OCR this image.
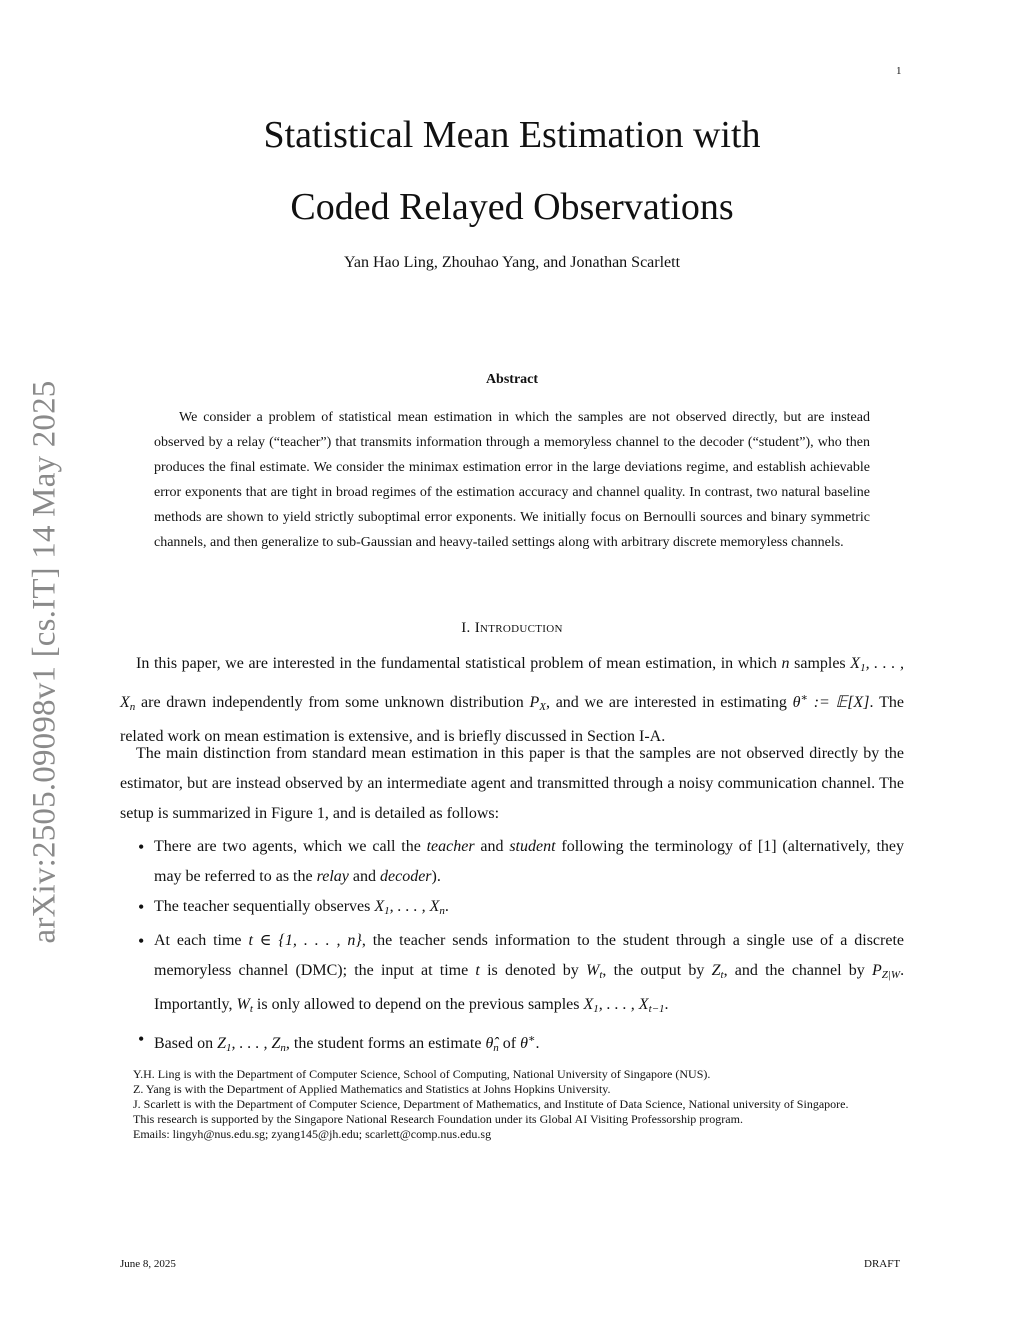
1
arXiv:2505.09098v1 [cs.IT] 14 May 2025
Statistical Mean Estimation with
Coded Relayed Observations
Yan Hao Ling, Zhouhao Yang, and Jonathan Scarlett
Abstract

We consider a problem of statistical mean estimation in which the samples are not observed directly, but are instead observed by a relay (“teacher”) that transmits information through a memoryless channel to the decoder (“student”), who then produces the final estimate. We consider the minimax estimation error in the large deviations regime, and establish achievable error exponents that are tight in broad regimes of the estimation accuracy and channel quality. In contrast, two natural baseline methods are shown to yield strictly suboptimal error exponents. We initially focus on Bernoulli sources and binary symmetric channels, and then generalize to sub-Gaussian and heavy-tailed settings along with arbitrary discrete memoryless channels.

I. Introduction

In this paper, we are interested in the fundamental statistical problem of mean estimation, in which n samples $X_1$, . . . , $X_n$ are drawn independently from some unknown distribution $P_X$, and we are interested in estimating θ∗ := 𝔼[X]. The related work on mean estimation is extensive, and is briefly discussed in Section I-A.

The main distinction from standard mean estimation in this paper is that the samples are not observed directly by the estimator, but are instead observed by an intermediate agent and transmitted through a noisy communication channel. The setup is summarized in Figure 1, and is detailed as follows:

• There are two agents, which we call the teacher and student following the terminology of [1] (alternatively, they may be referred to as the relay and decoder).
• The teacher sequentially observes $X_1$, . . . , $X_n$.
• At each time t ∈ {1, . . . , n}, the teacher sends information to the student through a single use of a discrete memoryless channel (DMC); the input at time t is denoted by $W_t$, the output by $Z_t$, and the channel by $P_{Z|W}$. Importantly, $W_t$ is only allowed to depend on the previous samples $X_1$, . . . , $X_{t-1}$.
• Based on $Z_1$, . . . , $Z_n$, the student forms an estimate $\thetâ_n$ of θ∗.

Y.H. Ling is with the Department of Computer Science, School of Computing, National University of Singapore (NUS).

Z. Yang is with the Department of Applied Mathematics and Statistics at Johns Hopkins University.

J. Scarlett is with the Department of Computer Science, Department of Mathematics, and Institute of Data Science, National university of Singapore.

This research is supported by the Singapore National Research Foundation under its Global AI Visiting Professorship program.

Emails: lingyh@nus.edu.sg; zyang145@jh.edu; scarlett@comp.nus.edu.sg

June 8, 2025	DRAFT
